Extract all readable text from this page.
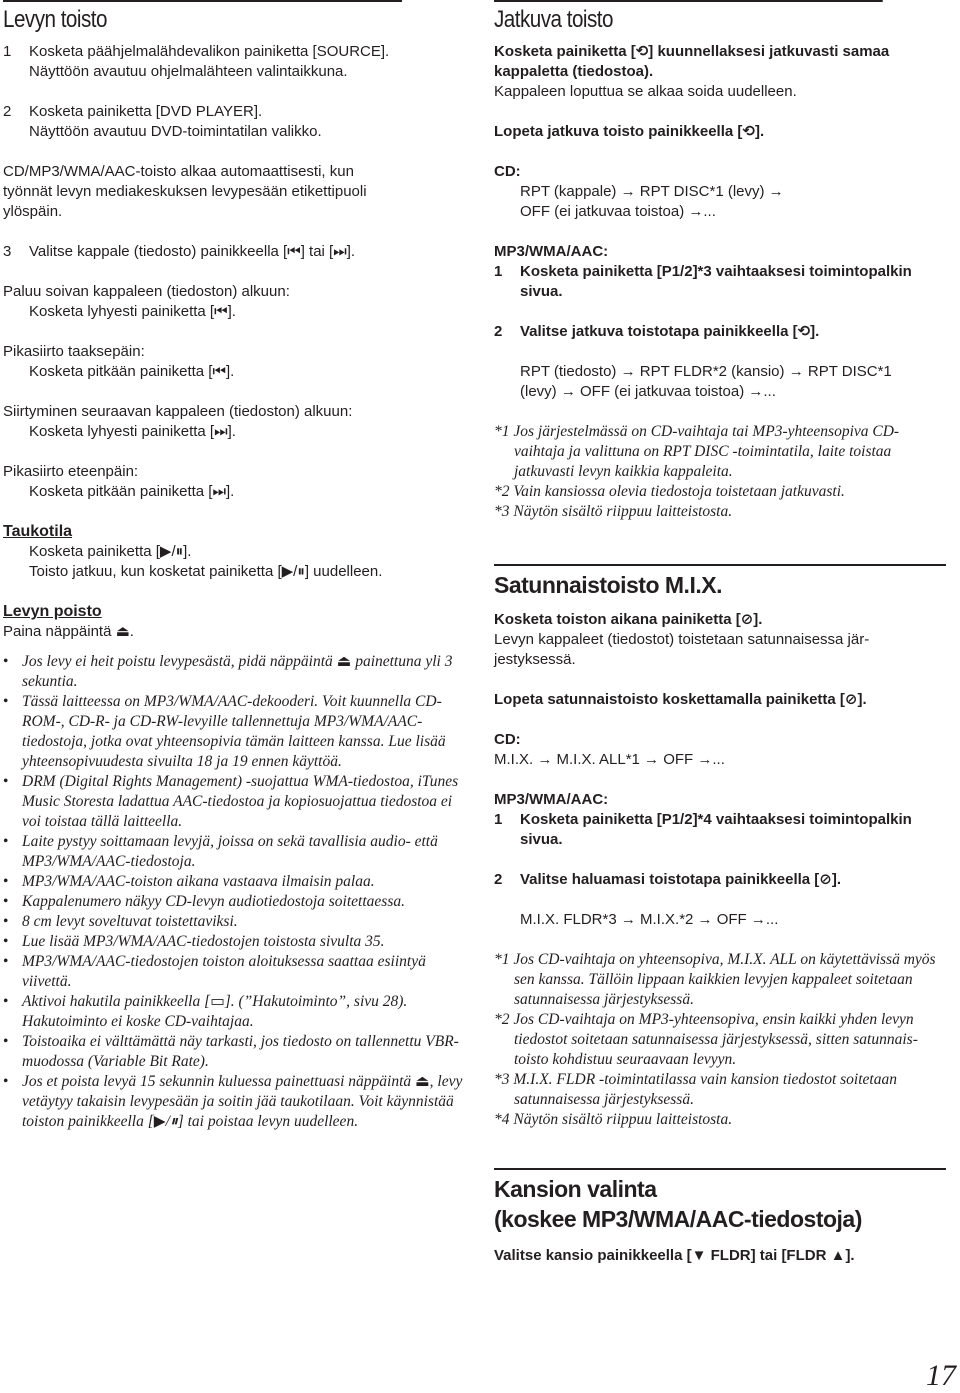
Levyn toisto
1	Kosketa päähjelmalähdevalikon painiketta [SOURCE].
Näyttöön avautuu ohjelmalähteen valintaikkuna.
2	Kosketa painiketta [DVD PLAYER].
Näyttöön avautuu DVD-toimintatilan valikko.
CD/MP3/WMA/AAC-toisto alkaa automaattisesti, kun
työnnät levyn mediakeskuksen levypesään etikettipuoli
ylöspäin.
3	Valitse kappale (tiedosto) painikkeella [⏮] tai [⏭].
Paluu soivan kappaleen (tiedoston) alkuun:
Kosketa lyhyesti painiketta [⏮].
Pikasiirto taaksepäin:
Kosketa pitkään painiketta [⏮].
Siirtyminen seuraavan kappaleen (tiedoston) alkuun:
Kosketa lyhyesti painiketta [⏭].
Pikasiirto eteenpäin:
Kosketa pitkään painiketta [⏭].
Taukotila
Kosketa painiketta [▶/⏸].
Toisto jatkuu, kun kosketat painiketta [▶/⏸] uudelleen.
Levyn poisto
Paina näppäintä ⏏.
• Jos levy ei heit poistu levypesästä, pidä näppäintä ⏏ painettuna yli 3 sekuntia.
• Tässä laitteessa on MP3/WMA/AAC-dekooderi. Voit kuunnella CD-ROM-, CD-R- ja CD-RW-levyille tallennettuja MP3/WMA/AAC-tiedostoja, jotka ovat yhteensopivia tämän laitteen kanssa. Lue lisää yhteensopivuudesta sivuilta 18 ja 19 ennen käyttöä.
• DRM (Digital Rights Management) -suojattua WMA-tiedostoa, iTunes Music Storesta ladattua AAC-tiedostoa ja kopiosuojattua tiedostoa ei voi toistaa tällä laitteella.
• Laite pystyy soittamaan levyjä, joissa on sekä tavallisia audio- että MP3/WMA/AAC-tiedostoja.
• MP3/WMA/AAC-toiston aikana vastaava ilmaisin palaa.
• Kappalenumero näkyy CD-levyn audiotiedostoja soitettaessa.
• 8 cm levyt soveltuvat toistettaviksi.
• Lue lisää MP3/WMA/AAC-tiedostojen toistosta sivulta 35.
• MP3/WMA/AAC-tiedostojen toiston aloituksessa saattaa esiintyä viivettä.
• Aktivoi hakutila painikkeella [▭]. (”Hakutoiminto”, sivu 28). Hakutoiminto ei koske CD-vaihtajaa.
• Toistoaika ei välttämättä näy tarkasti, jos tiedosto on tallennettu VBR-muodossa (Variable Bit Rate).
• Jos et poista levyä 15 sekunnin kuluessa painettuasi näppäintä ⏏, levy vetäytyy takaisin levypesään ja soitin jää taukotilaan. Voit käynnistää toiston painikkeella [▶/⏸] tai poistaa levyn uudelleen.
Jatkuva toisto
Kosketa painiketta [⟲] kuunnellaksesi jatkuvasti samaa
kappaletta (tiedostoa).
Kappaleen loputtua se alkaa soida uudelleen.
Lopeta jatkuva toisto painikkeella [⟲].
CD:
RPT (kappale) → RPT DISC*1 (levy) →
OFF (ei jatkuvaa toistoa) →...
MP3/WMA/AAC:
1	Kosketa painiketta [P1/2]*3 vaihtaaksesi toimintopalkin sivua.
2	Valitse jatkuva toistotapa painikkeella [⟲].
RPT (tiedosto) → RPT FLDR*2 (kansio) → RPT DISC*1
(levy) → OFF (ei jatkuvaa toistoa) →...
*1 Jos järjestelmässä on CD-vaihtaja tai MP3-yhteensopiva CD-vaihtaja ja valittuna on RPT DISC -toimintatila, laite toistaa jatkuvasti levyn kaikkia kappaleita.
*2 Vain kansiossa olevia tiedostoja toistetaan jatkuvasti.
*3 Näytön sisältö riippuu laitteistosta.
Satunnaistoisto M.I.X.
Kosketa toiston aikana painiketta [⊘].
Levyn kappaleet (tiedostot) toistetaan satunnaisessa jär-
jestyksessä.
Lopeta satunnaistoisto koskettamalla painiketta [⊘].
CD:
M.I.X. → M.I.X. ALL*1 → OFF →...
MP3/WMA/AAC:
1	Kosketa painiketta [P1/2]*4 vaihtaaksesi toimintopalkin sivua.
2	Valitse haluamasi toistotapa painikkeella [⊘].
M.I.X. FLDR*3 → M.I.X.*2 → OFF →...
*1 Jos CD-vaihtaja on yhteensopiva, M.I.X. ALL on käytettävissä myös sen kanssa. Tällöin lippaan kaikkien levyjen kappaleet soitetaan satunnaisessa järjestyksessä.
*2 Jos CD-vaihtaja on MP3-yhteensopiva, ensin kaikki yhden levyn tiedostot soitetaan satunnaisessa järjestyksessä, sitten satunnais-toisto kohdistuu seuraavaan levyyn.
*3 M.I.X. FLDR -toimintatilassa vain kansion tiedostot soitetaan satunnaisessa järjestyksessä.
*4 Näytön sisältö riippuu laitteistosta.
Kansion valinta
(koskee MP3/WMA/AAC-tiedostoja)
Valitse kansio painikkeella [▼ FLDR] tai [FLDR ▲].
17
